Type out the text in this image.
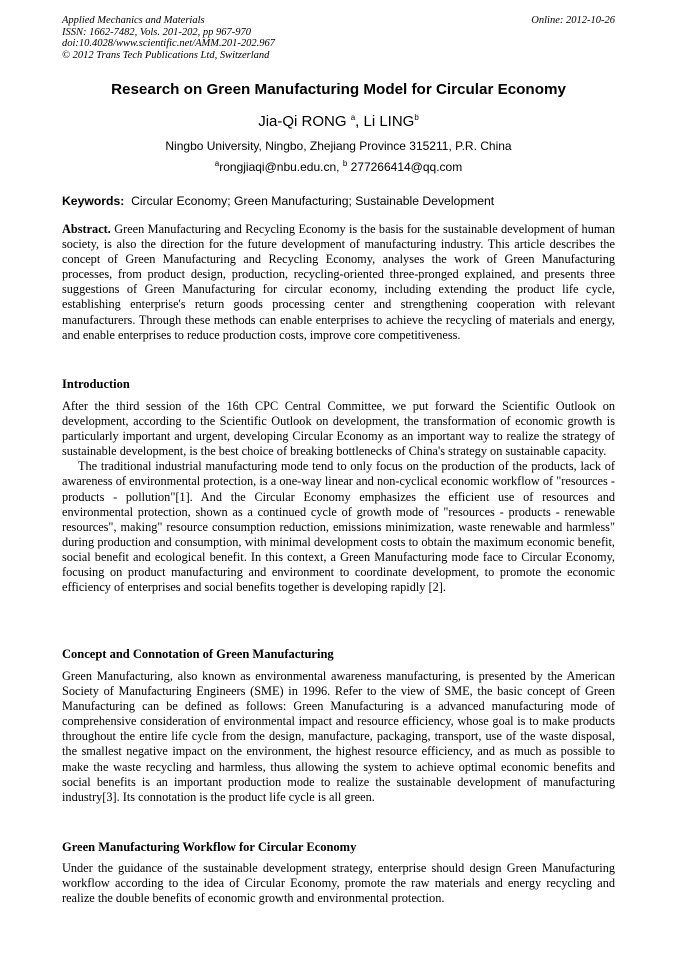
Applied Mechanics and Materials
ISSN: 1662-7482, Vols. 201-202, pp 967-970
doi:10.4028/www.scientific.net/AMM.201-202.967
© 2012 Trans Tech Publications Ltd, Switzerland
Online: 2012-10-26
Research on Green Manufacturing Model for Circular Economy
Jia-Qi RONG $^a$, Li LING$^b$
Ningbo University, Ningbo, Zhejiang Province 315211, P.R. China
$^a$rongjiaqi@nbu.edu.cn, $^b$ 277266414@qq.com
Keywords: Circular Economy; Green Manufacturing; Sustainable Development

Abstract. Green Manufacturing and Recycling Economy is the basis for the sustainable development of human society, is also the direction for the future development of manufacturing industry. This article describes the concept of Green Manufacturing and Recycling Economy, analyses the work of Green Manufacturing processes, from product design, production, recycling-oriented three-pronged explained, and presents three suggestions of Green Manufacturing for circular economy, including extending the product life cycle, establishing enterprise's return goods processing center and strengthening cooperation with relevant manufacturers. Through these methods can enable enterprises to achieve the recycling of materials and energy, and enable enterprises to reduce production costs, improve core competitiveness.

Introduction

After the third session of the 16th CPC Central Committee, we put forward the Scientific Outlook on development, according to the Scientific Outlook on development, the transformation of economic growth is particularly important and urgent, developing Circular Economy as an important way to realize the strategy of sustainable development, is the best choice of breaking bottlenecks of China's strategy on sustainable capacity.

The traditional industrial manufacturing mode tend to only focus on the production of the products, lack of awareness of environmental protection, is a one-way linear and non-cyclical economic workflow of "resources - products - pollution"[1]. And the Circular Economy emphasizes the efficient use of resources and environmental protection, shown as a continued cycle of growth mode of "resources - products - renewable resources", making" resource consumption reduction, emissions minimization, waste renewable and harmless" during production and consumption, with minimal development costs to obtain the maximum economic benefit, social benefit and ecological benefit. In this context, a Green Manufacturing mode face to Circular Economy, focusing on product manufacturing and environment to coordinate development, to promote the economic efficiency of enterprises and social benefits together is developing rapidly [2].

Concept and Connotation of Green Manufacturing

Green Manufacturing, also known as environmental awareness manufacturing, is presented by the American Society of Manufacturing Engineers (SME) in 1996. Refer to the view of SME, the basic concept of Green Manufacturing can be defined as follows: Green Manufacturing is a advanced manufacturing mode of comprehensive consideration of environmental impact and resource efficiency, whose goal is to make products throughout the entire life cycle from the design, manufacture, packaging, transport, use of the waste disposal, the smallest negative impact on the environment, the highest resource efficiency, and as much as possible to make the waste recycling and harmless, thus allowing the system to achieve optimal economic benefits and social benefits is an important production mode to realize the sustainable development of manufacturing industry[3]. Its connotation is the product life cycle is all green.

Green Manufacturing Workflow for Circular Economy

Under the guidance of the sustainable development strategy, enterprise should design Green Manufacturing workflow according to the idea of Circular Economy, promote the raw materials and energy recycling and realize the double benefits of economic growth and environmental protection.
